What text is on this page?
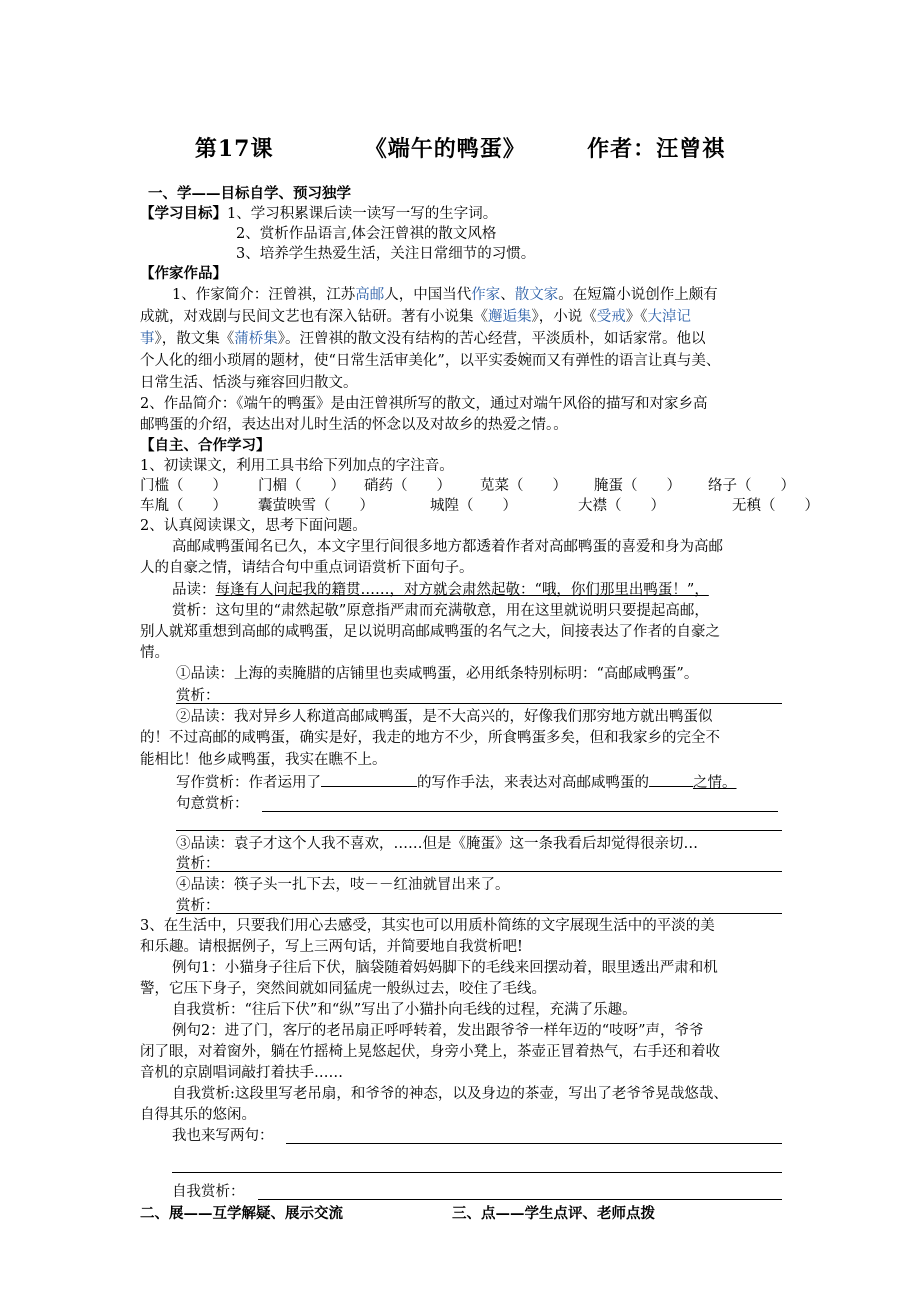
第17课	《端午的鸭蛋》	作者：汪曾祺
一、学——目标自学、预习独学
【学习目标】1、学习积累课后读一读写一写的生字词。
2、赏析作品语言,体会汪曾祺的散文风格
3、培养学生热爱生活，关注日常细节的习惯。
【作家作品】
1、作家简介：汪曾祺，江苏高邮人，中国当代作家、散文家。在短篇小说创作上颇有
成就，对戏剧与民间文艺也有深入钻研。著有小说集《邂逅集》，小说《受戒》《大淖记
事》，散文集《蒲桥集》。汪曾祺的散文没有结构的苦心经营，平淡质朴，如话家常。他以
个人化的细小琐屑的题材，使“日常生活审美化”，以平实委婉而又有弹性的语言让真与美、
日常生活、恬淡与雍容回归散文。
2、作品简介：《端午的鸭蛋》是由汪曾祺所写的散文，通过对端午风俗的描写和对家乡高
邮鸭蛋的介绍，表达出对儿时生活的怀念以及对故乡的热爱之情。。
【自主、合作学习】
1、初读课文，利用工具书给下列加点的字注音。
门槛（　　） 门楣（　　） 硝药（　　） 苋菜（　　） 腌蛋（　　） 络子（　　）
车胤（　　） 囊萤映雪（　　）	城隍（　　）	大襟（　　）	无稹（　　）
2、认真阅读课文，思考下面问题。
高邮咸鸭蛋闻名已久，本文字里行间很多地方都透着作者对高邮鸭蛋的喜爱和身为高邮
人的自豪之情，请结合句中重点词语赏析下面句子。
品读：每逢有人问起我的籍贯……，对方就会肃然起敬：“哦，你们那里出鸭蛋！”，
赏析：这句里的“肃然起敬”原意指严肃而充满敬意，用在这里就说明只要提起高邮，
别人就郑重想到高邮的咸鸭蛋，足以说明高邮咸鸭蛋的名气之大，间接表达了作者的自豪之
情。
①品读：上海的卖腌腊的店铺里也卖咸鸭蛋，必用纸条特别标明：“高邮咸鸭蛋”。
赏析：
②品读：我对异乡人称道高邮咸鸭蛋，是不大高兴的，好像我们那穷地方就出鸭蛋似
的！不过高邮的咸鸭蛋，确实是好，我走的地方不少，所食鸭蛋多矣，但和我家乡的完全不
能相比！他乡咸鸭蛋，我实在瞧不上。
写作赏析：作者运用了	的写作手法，来表达对高邮咸鸭蛋的	之情。
句意赏析：
③品读：袁子才这个人我不喜欢，……但是《腌蛋》这一条我看后却觉得很亲切…
赏析：
④品读：筷子头一扎下去，吱－－红油就冒出来了。
赏析：
3、在生活中，只要我们用心去感受，其实也可以用质朴简练的文字展现生活中的平淡的美
和乐趣。请根据例子，写上三两句话，并简要地自我赏析吧!
例句1：小猫身子往后下伏，脑袋随着妈妈脚下的毛线来回摆动着，眼里透出严肃和机
警，它压下身子，突然间就如同猛虎一般纵过去，咬住了毛线。
自我赏析：“往后下伏”和“纵”写出了小猫扑向毛线的过程，充满了乐趣。
例句2：进了门，客厅的老吊扇正呼呼转着，发出跟爷爷一样年迈的“吱呀”声，爷爷
闭了眼，对着窗外，躺在竹摇椅上晃悠起伏，身旁小凳上，茶壶正冒着热气，右手还和着收
音机的京剧唱词敲打着扶手……
自我赏析:这段里写老吊扇，和爷爷的神态，以及身边的茶壶，写出了老爷爷晃哉悠哉、
自得其乐的悠闲。
我也来写两句：
自我赏析：
二、展——互学解疑、展示交流	三、点——学生点评、老师点拨
